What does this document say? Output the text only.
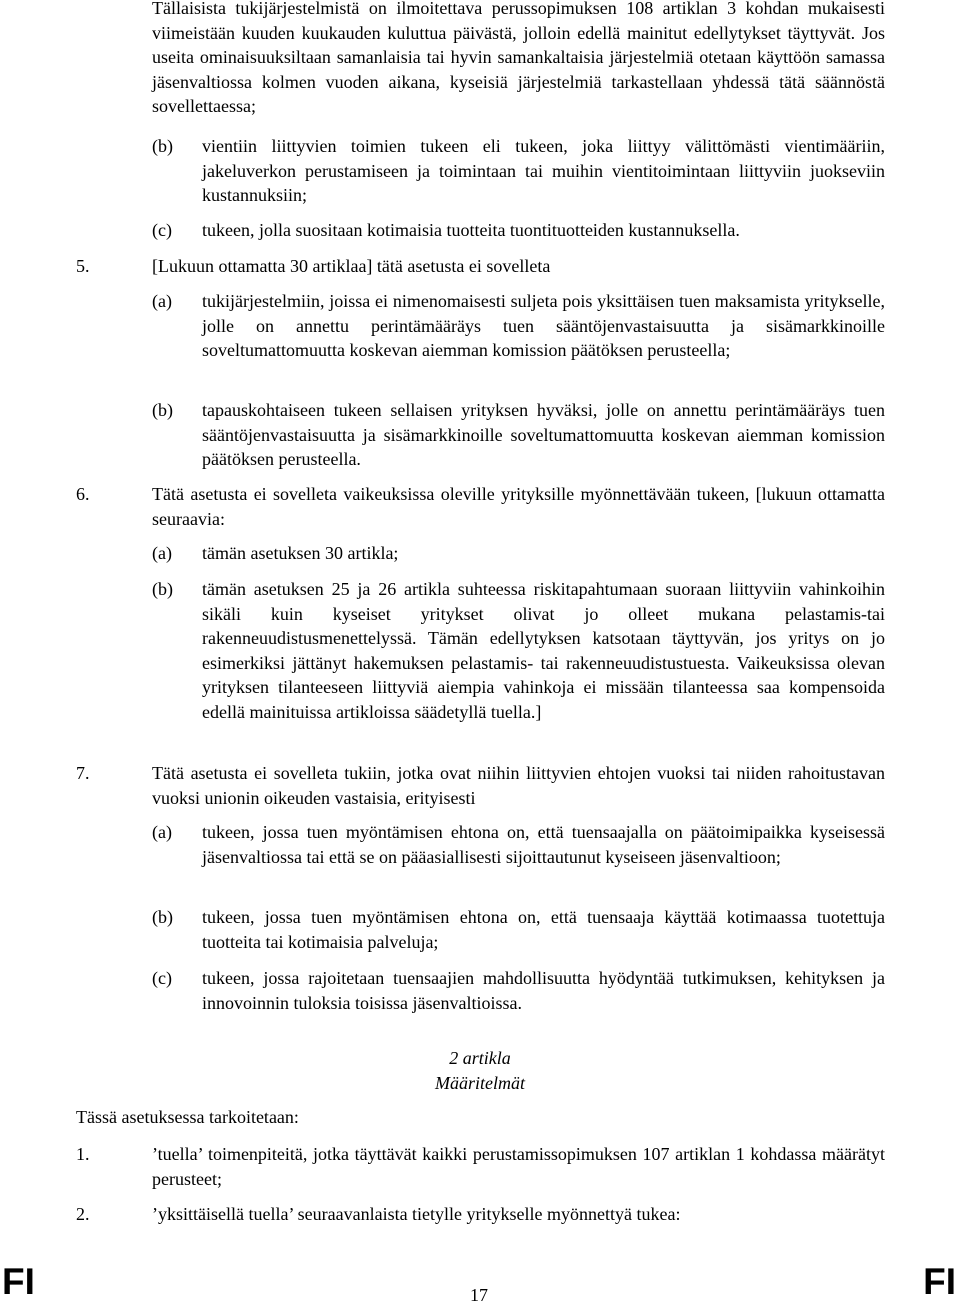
Tällaisista tukijärjestelmistä on ilmoitettava perussopimuksen 108 artiklan 3 kohdan mukaisesti viimeistään kuuden kuukauden kuluttua päivästä, jolloin edellä mainitut edellytykset täyttyvät. Jos useita ominaisuuksiltaan samanlaisia tai hyvin samankaltaisia järjestelmiä otetaan käyttöön samassa jäsenvaltiossa kolmen vuoden aikana, kyseisiä järjestelmiä tarkastellaan yhdessä tätä säännöstä sovellettaessa;
(b) vientiin liittyvien toimien tukeen eli tukeen, joka liittyy välittömästi vientimääriin, jakeluverkon perustamiseen ja toimintaan tai muihin vientitoimintaan liittyviin juokseviin kustannuksiin;
(c) tukeen, jolla suositaan kotimaisia tuotteita tuontituotteiden kustannuksella.
5.	[Lukuun ottamatta 30 artiklaa] tätä asetusta ei sovelleta
(a) tukijärjestelmiin, joissa ei nimenomaisesti suljeta pois yksittäisen tuen maksamista yritykselle, jolle on annettu perintämääräys tuen sääntöjenvastaisuutta ja sisämarkkinoille soveltumattomuutta koskevan aiemman komission päätöksen perusteella;
(b) tapauskohtaiseen tukeen sellaisen yrityksen hyväksi, jolle on annettu perintämääräys tuen sääntöjenvastaisuutta ja sisämarkkinoille soveltumattomuutta koskevan aiemman komission päätöksen perusteella.
6.	Tätä asetusta ei sovelleta vaikeuksissa oleville yrityksille myönnettävään tukeen, [lukuun ottamatta seuraavia:
(a) tämän asetuksen 30 artikla;
(b) tämän asetuksen 25 ja 26 artikla suhteessa riskitapahtumaan suoraan liittyviin vahinkoihin sikäli kuin kyseiset yritykset olivat jo olleet mukana pelastamis-tai rakenneuudistusmenettelyssä. Tämän edellytyksen katsotaan täyttyvän, jos yritys on jo esimerkiksi jättänyt hakemuksen pelastamis- tai rakenneuudistustuesta. Vaikeuksissa olevan yrityksen tilanteeseen liittyviä aiempia vahinkoja ei missään tilanteessa saa kompensoida edellä mainituissa artikloissa säädetyllä tuella.]
7.	Tätä asetusta ei sovelleta tukiin, jotka ovat niihin liittyvien ehtojen vuoksi tai niiden rahoitustavan vuoksi unionin oikeuden vastaisia, erityisesti
(a) tukeen, jossa tuen myöntämisen ehtona on, että tuensaajalla on päätoimipaikka kyseisessä jäsenvaltiossa tai että se on pääasiallisesti sijoittautunut kyseiseen jäsenvaltioon;
(b) tukeen, jossa tuen myöntämisen ehtona on, että tuensaaja käyttää kotimaassa tuotettuja tuotteita tai kotimaisia palveluja;
(c) tukeen, jossa rajoitetaan tuensaajien mahdollisuutta hyödyntää tutkimuksen, kehityksen ja innovoinnin tuloksia toisissa jäsenvaltioissa.
2 artikla
Määritelmät
Tässä asetuksessa tarkoitetaan:
1.	’tuella’ toimenpiteitä, jotka täyttävät kaikki perustamissopimuksen 107 artiklan 1 kohdassa määrätyt perusteet;
2.	’yksittäisellä tuella’ seuraavanlaista tietylle yritykselle myönnettyä tukea:
FI	17	FI
